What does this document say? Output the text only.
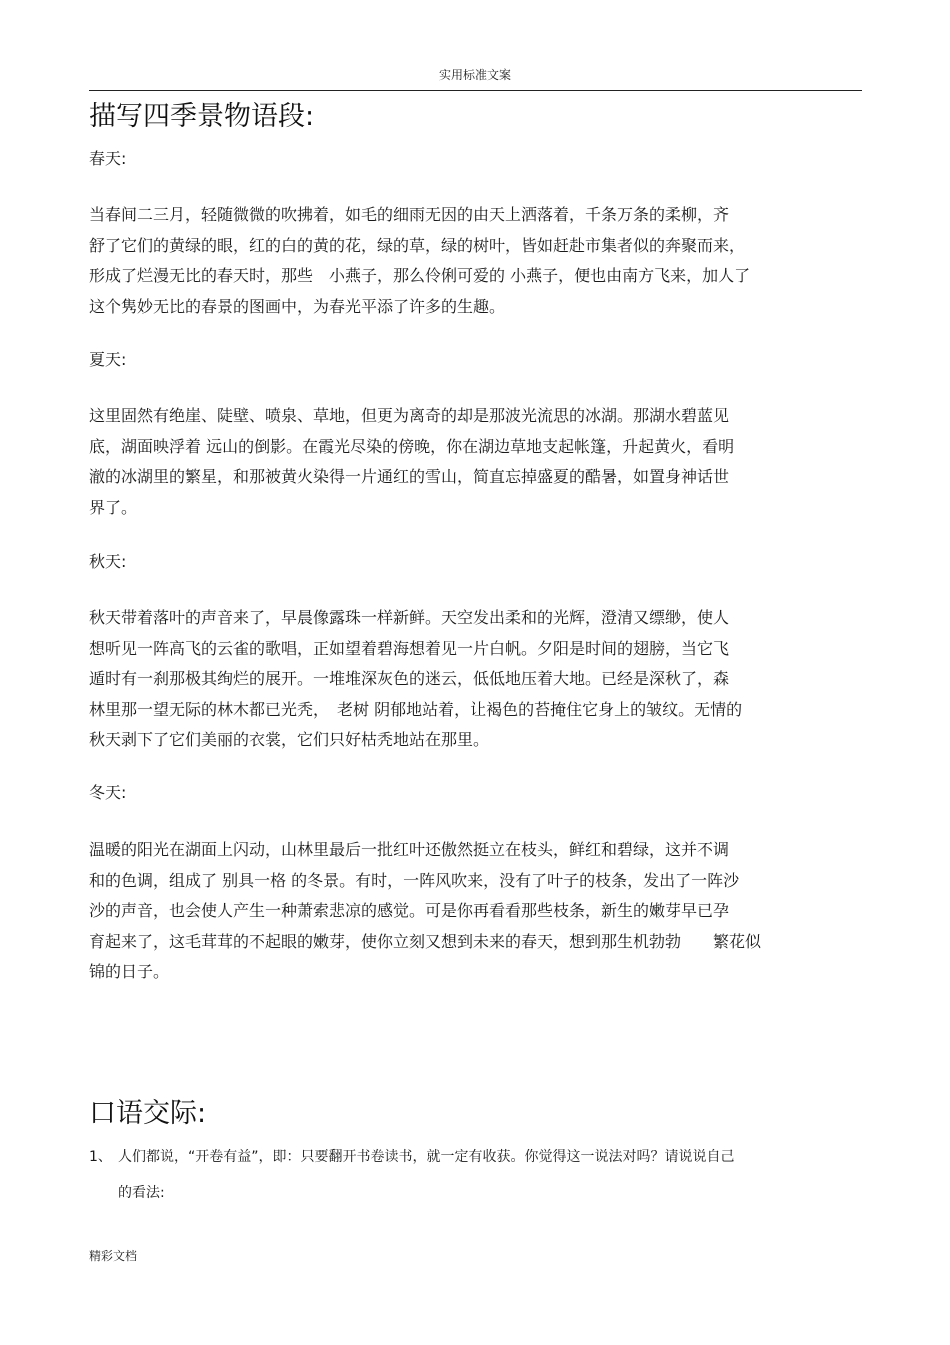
实用标准文案
描写四季景物语段:
春天:
当春间二三月，轻随微微的吹拂着，如毛的细雨无因的由天上洒落着，千条万条的柔柳，齐
舒了它们的黄绿的眼，红的白的黄的花，绿的草，绿的树叶，皆如赶赴市集者似的奔聚而来，
形成了烂漫无比的春天时，那些　小燕子，那么伶俐可爱的 小燕子，便也由南方飞来，加人了
这个隽妙无比的春景的图画中，为春光平添了许多的生趣。
夏天:
这里固然有绝崖、陡壁、喷泉、草地，但更为离奇的却是那波光流思的冰湖。那湖水碧蓝见
底，湖面映浮着 远山的倒影。在霞光尽染的傍晚，你在湖边草地支起帐篷，升起黄火，看明
澈的冰湖里的繁星，和那被黄火染得一片通红的雪山，简直忘掉盛夏的酷暑，如置身神话世
界了。
秋天:
秋天带着落叶的声音来了，早晨像露珠一样新鲜。天空发出柔和的光辉，澄清又缥缈，使人
想听见一阵高飞的云雀的歌唱，正如望着碧海想着见一片白帆。夕阳是时间的翅膀，当它飞
遁时有一刹那极其绚烂的展开。一堆堆深灰色的迷云，低低地压着大地。已经是深秋了，森
林里那一望无际的林木都已光秃，　老树 阴郁地站着，让褐色的苔掩住它身上的皱纹。无情的
秋天剥下了它们美丽的衣裳，它们只好枯秃地站在那里。
冬天:
温暖的阳光在湖面上闪动，山林里最后一批红叶还傲然挺立在枝头，鲜红和碧绿，这并不调
和的色调，组成了 别具一格 的冬景。有时，一阵风吹来，没有了叶子的枝条，发出了一阵沙
沙的声音，也会使人产生一种萧索悲凉的感觉。可是你再看看那些枝条，新生的嫩芽早已孕
育起来了，这毛茸茸的不起眼的嫩芽，使你立刻又想到未来的春天，想到那生机勃勃　　繁花似
锦的日子。
口语交际:
1、 人们都说，“开卷有益”，即：只要翻开书卷读书，就一定有收获。你觉得这一说法对吗？请说说自己
的看法:
精彩文档
